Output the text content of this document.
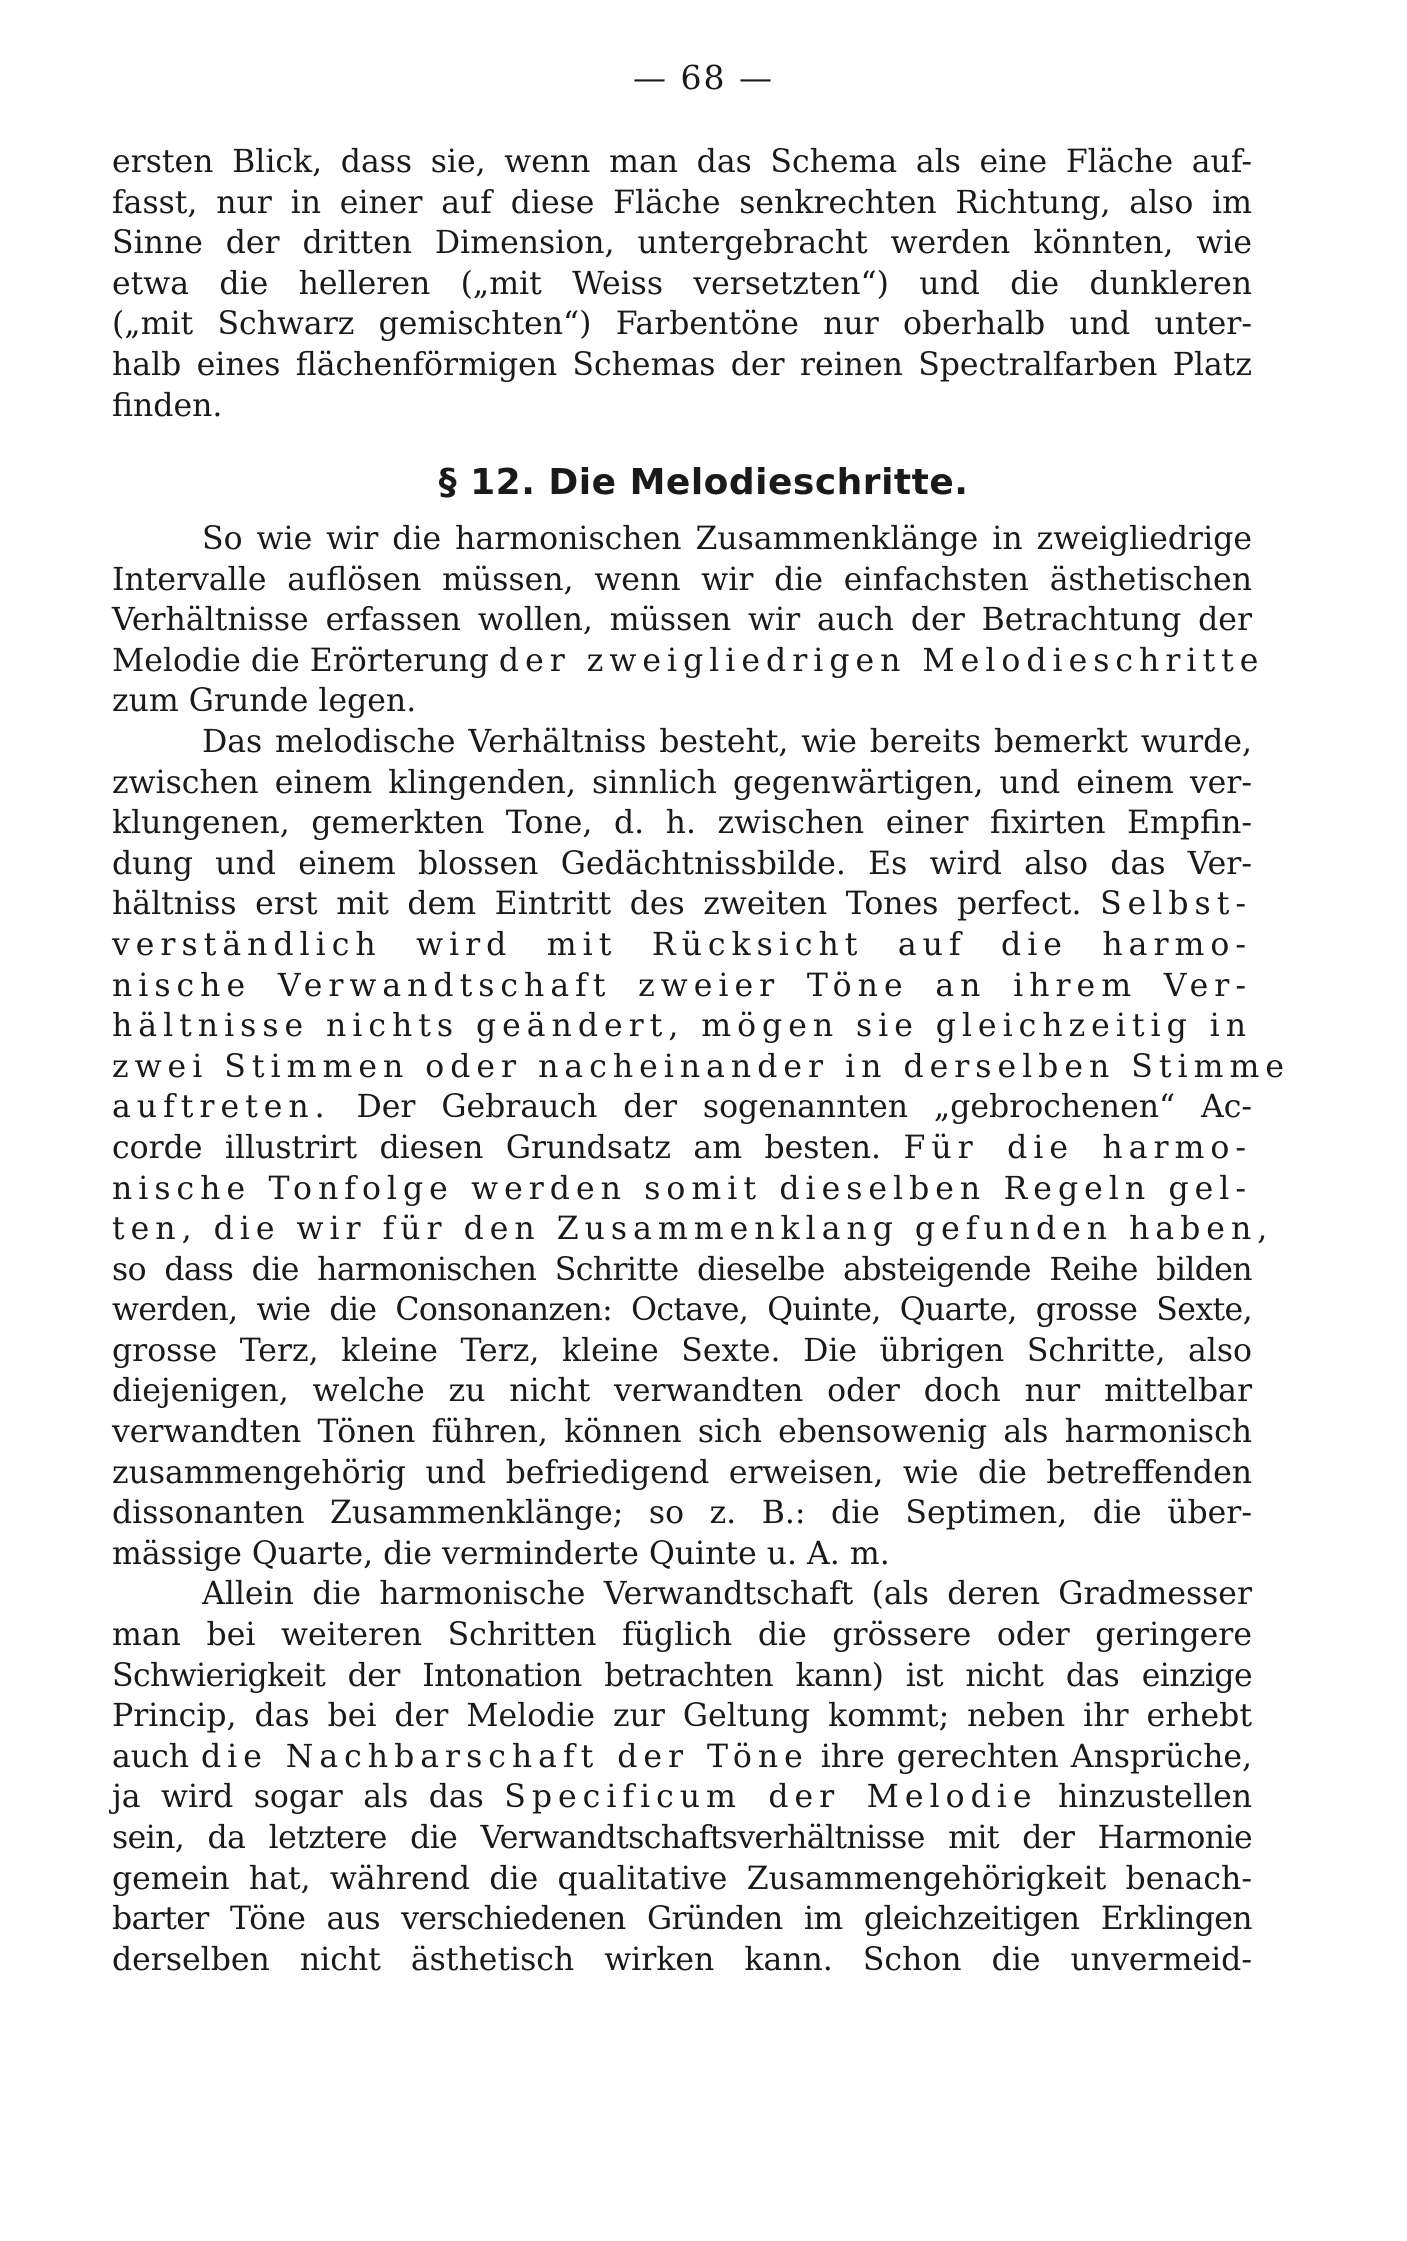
— 68 —
ersten Blick, dass sie, wenn man das Schema als eine Fläche auf-
fasst, nur in einer auf diese Fläche senkrechten Richtung, also im
Sinne der dritten Dimension, untergebracht werden könnten, wie
etwa die helleren („mit Weiss versetzten“) und die dunkleren
(„mit Schwarz gemischten“) Farbentöne nur oberhalb und unter-
halb eines flächenförmigen Schemas der reinen Spectralfarben Platz
finden.
§ 12. Die Melodieschritte.
So wie wir die harmonischen Zusammenklänge in zweigliedrige
Intervalle auflösen müssen, wenn wir die einfachsten ästhetischen
Verhältnisse erfassen wollen, müssen wir auch der Betrachtung der
Melodie die Erörterung der zweigliedrigen Melodieschritte
zum Grunde legen.
Das melodische Verhältniss besteht, wie bereits bemerkt wurde,
zwischen einem klingenden, sinnlich gegenwärtigen, und einem ver-
klungenen, gemerkten Tone, d. h. zwischen einer fixirten Empfin-
dung und einem blossen Gedächtnissbilde. Es wird also das Ver-
hältniss erst mit dem Eintritt des zweiten Tones perfect. Selbst-
verständlich wird mit Rücksicht auf die harmo-
nische Verwandtschaft zweier Töne an ihrem Ver-
hältnisse nichts geändert, mögen sie gleichzeitig in
zwei Stimmen oder nacheinander in derselben Stimme
auftreten. Der Gebrauch der sogenannten „gebrochenen“ Ac-
corde illustrirt diesen Grundsatz am besten. Für die harmo-
nische Tonfolge werden somit dieselben Regeln gel-
ten, die wir für den Zusammenklang gefunden haben,
so dass die harmonischen Schritte dieselbe absteigende Reihe bilden
werden, wie die Consonanzen: Octave, Quinte, Quarte, grosse Sexte,
grosse Terz, kleine Terz, kleine Sexte. Die übrigen Schritte, also
diejenigen, welche zu nicht verwandten oder doch nur mittelbar
verwandten Tönen führen, können sich ebensowenig als harmonisch
zusammengehörig und befriedigend erweisen, wie die betreffenden
dissonanten Zusammenklänge; so z. B.: die Septimen, die über-
mässige Quarte, die verminderte Quinte u. A. m.
Allein die harmonische Verwandtschaft (als deren Gradmesser
man bei weiteren Schritten füglich die grössere oder geringere
Schwierigkeit der Intonation betrachten kann) ist nicht das einzige
Princip, das bei der Melodie zur Geltung kommt; neben ihr erhebt
auch die Nachbarschaft der Töne ihre gerechten Ansprüche,
ja wird sogar als das Specificum der Melodie hinzustellen
sein, da letztere die Verwandtschaftsverhältnisse mit der Harmonie
gemein hat, während die qualitative Zusammengehörigkeit benach-
barter Töne aus verschiedenen Gründen im gleichzeitigen Erklingen
derselben nicht ästhetisch wirken kann. Schon die unvermeid-
